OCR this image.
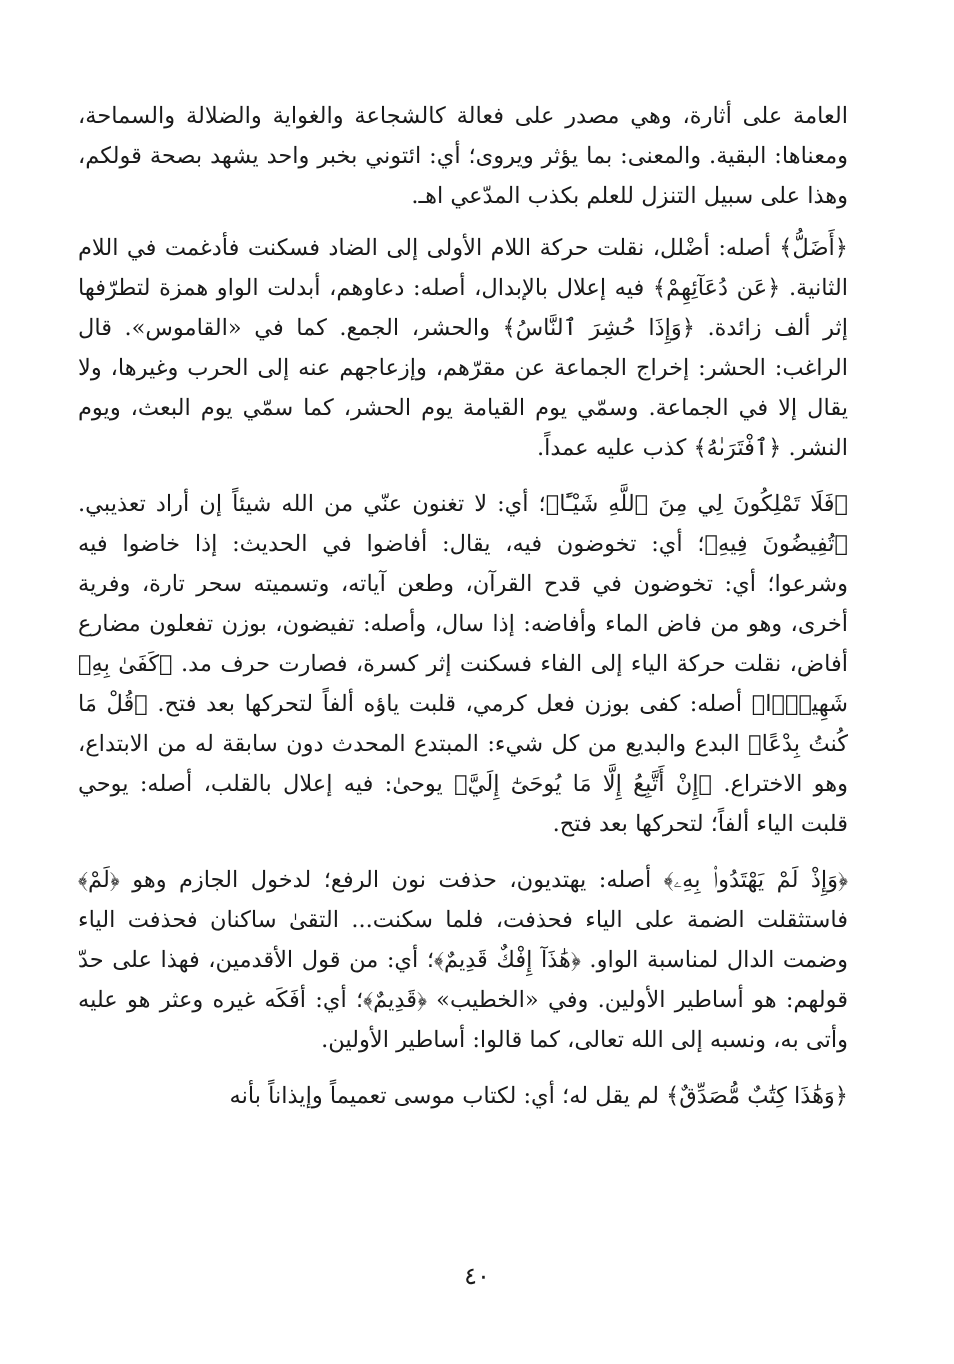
العامة على أثارة، وهي مصدر على فعالة كالشجاعة والغواية والضلالة والسماحة، ومعناها: البقية. والمعنى: بما يؤثر ويروى؛ أي: ائتوني بخبر واحد يشهد بصحة قولكم، وهذا على سبيل التنزل للعلم بكذب المدّعي اهـ.

﴿أَضَلُّ﴾ أصله: أضْلل، نقلت حركة اللام الأولى إلى الضاد فسكنت فأدغمت في اللام الثانية. ﴿عَن دُعَآئِهِمْ﴾ فيه إعلال بالإبدال، أصله: دعاوهم، أبدلت الواو همزة لتطرّفها إثر ألف زائدة. ﴿وَإِذَا حُشِرَ ٱلنَّاسُ﴾ والحشر، الجمع. كما في «القاموس». قال الراغب: الحشر: إخراج الجماعة عن مقرّهم، وإزعاجهم عنه إلى الحرب وغيرها، ولا يقال إلا في الجماعة. وسمّي يوم القيامة يوم الحشر، كما سمّي يوم البعث، ويوم النشر. ﴿ٱفْتَرَىٰهُ﴾ كذب عليه عمداً.

﴿فَلَا تَمْلِكُونَ لِي مِنَ ٱللَّهِ شَيْـًٔا﴾؛ أي: لا تغنون عنّي من الله شيئاً إن أراد تعذيبي. ﴿تُفِيضُونَ فِيهِ﴾؛ أي: تخوضون فيه، يقال: أفاضوا في الحديث: إذا خاضوا فيه وشرعوا؛ أي: تخوضون في قدح القرآن، وطعن آياته، وتسميته سحر تارة، وفرية أخرى، وهو من فاض الماء وأفاضه: إذا سال، وأصله: تفيضون، بوزن تفعلون مضارع أفاض، نقلت حركة الياء إلى الفاء فسكنت إثر كسرة، فصارت حرف مد. ﴿كَفَىٰ بِهِۦ شَهِيدًۢا﴾ أصله: كفى بوزن فعل كرمي، قلبت ياؤه ألفاً لتحركها بعد فتح. ﴿قُلْ مَا كُنتُ بِدْعًا﴾ البدع والبديع من كل شيء: المبتدع المحدث دون سابقة له من الابتداع، وهو الاختراع. ﴿إِنْ أَتَّبِعُ إِلَّا مَا يُوحَىٰٓ إِلَيَّ﴾ يوحىٰ: فيه إعلال بالقلب، أصله: يوحي قلبت الياء ألفاً؛ لتحركها بعد فتح.

﴿وَإِذْ لَمْ يَهْتَدُوا۟ بِهِۦ﴾ أصله: يهتديون، حذفت نون الرفع؛ لدخول الجازم وهو ﴿لَمْ﴾ فاستثقلت الضمة على الياء فحذفت، فلما سكنت... التقىٰ ساكنان فحذفت الياء وضمت الدال لمناسبة الواو. ﴿هَٰذَآ إِفْكٌ قَدِيمٌ﴾؛ أي: من قول الأقدمين، فهذا على حدّ قولهم: هو أساطير الأولين. وفي «الخطيب» ﴿قَدِيمٌ﴾؛ أي: أفَكَه غيره وعثر هو عليه وأتى به، ونسبه إلى الله تعالى، كما قالوا: أساطير الأولين.

﴿وَهَٰذَا كِتَٰبٌ مُّصَدِّقٌ﴾ لم يقل له؛ أي: لكتاب موسى تعميماً وإيذاناً بأنه

٤٠
